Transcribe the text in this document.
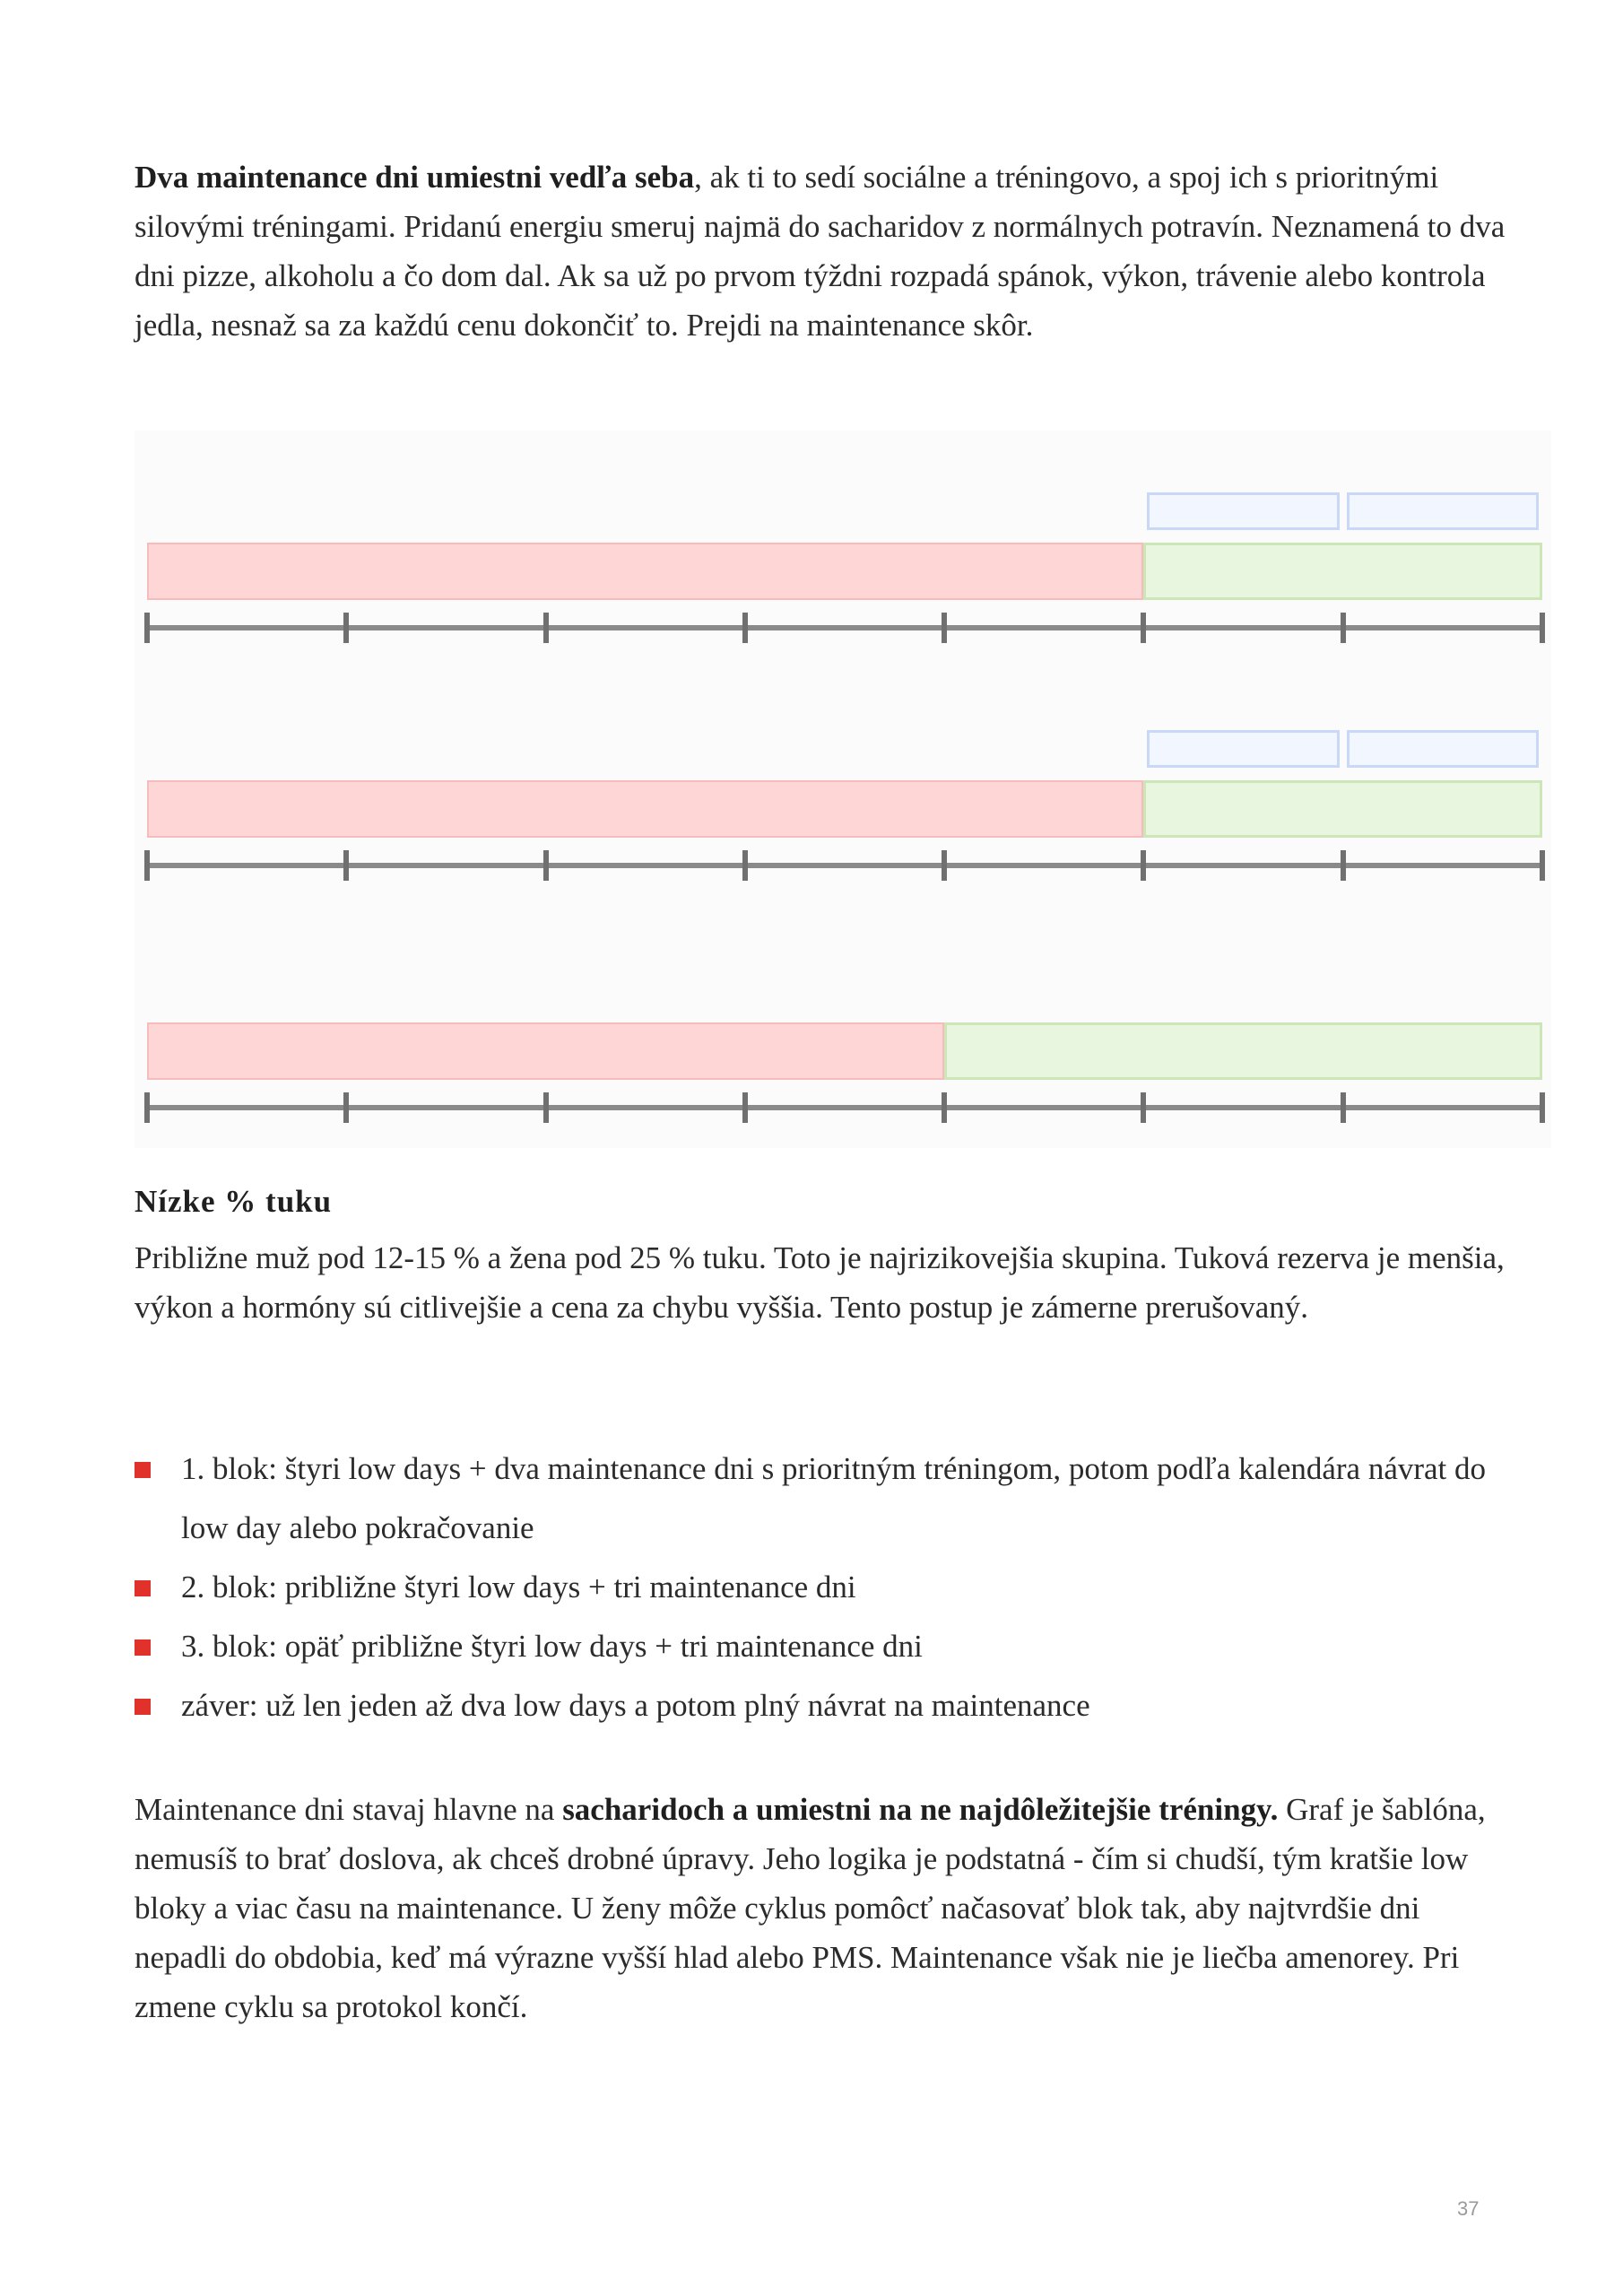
Dva maintenance dni umiestni vedľa seba, ak ti to sedí sociálne a tréningovo, a spoj ich s prioritnými silovými tréningami. Pridanú energiu smeruj najmä do sacharidov z normálnych potravín. Neznamená to dva dni pizze, alkoholu a čo dom dal. Ak sa už po prvom týždni rozpadá spánok, výkon, trávenie alebo kontrola jedla, nesnaž sa za každú cenu dokončiť to. Prejdi na maintenance skôr.

Nízke % tuku

Približne muž pod 12-15 % a žena pod 25 % tuku. Toto je najrizikovejšia skupina. Tuková rezerva je menšia, výkon a hormóny sú citlivejšie a cena za chybu vyššia. Tento postup je zámerne prerušovaný.

1. blok: štyri low days + dva maintenance dni s prioritným tréningom, potom podľa kalendára návrat do low day alebo pokračovanie
2. blok: približne štyri low days + tri maintenance dni
3. blok: opäť približne štyri low days + tri maintenance dni
záver: už len jeden až dva low days a potom plný návrat na maintenance

Maintenance dni stavaj hlavne na sacharidoch a umiestni na ne najdôležitejšie tréningy. Graf je šablóna, nemusíš to brať doslova, ak chceš drobné úpravy. Jeho logika je podstatná - čím si chudší, tým kratšie low bloky a viac času na maintenance. U ženy môže cyklus pomôcť načasovať blok tak, aby najtvrdšie dni nepadli do obdobia, keď má výrazne vyšší hlad alebo PMS. Maintenance však nie je liečba amenorey. Pri zmene cyklu sa protokol končí.

37
